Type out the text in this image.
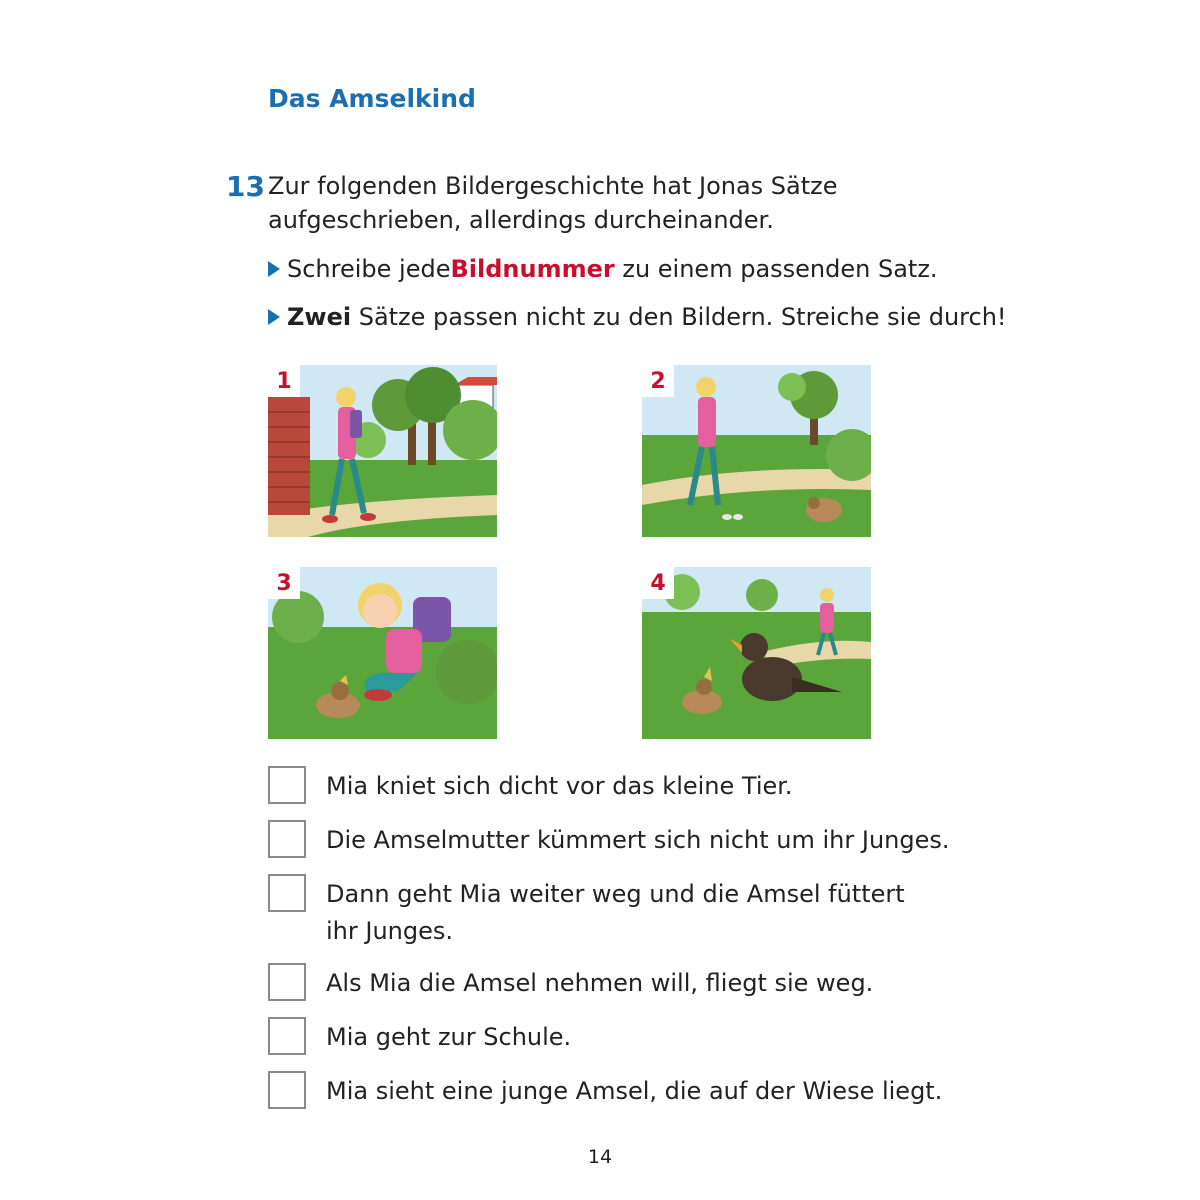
Das Amselkind
13 Zur folgenden Bildergeschichte hat Jonas Sätze aufgeschrieben, allerdings durcheinander.
Schreibe jede Bildnummer zu einem passenden Satz.
Zwei Sätze passen nicht zu den Bildern. Streiche sie durch!
1	2
3	4
Mia kniet sich dicht vor das kleine Tier.
Die Amselmutter kümmert sich nicht um ihr Junges.
Dann geht Mia weiter weg und die Amsel füttert ihr Junges.
Als Mia die Amsel nehmen will, fliegt sie weg.
Mia geht zur Schule.
Mia sieht eine junge Amsel, die auf der Wiese liegt.
14
